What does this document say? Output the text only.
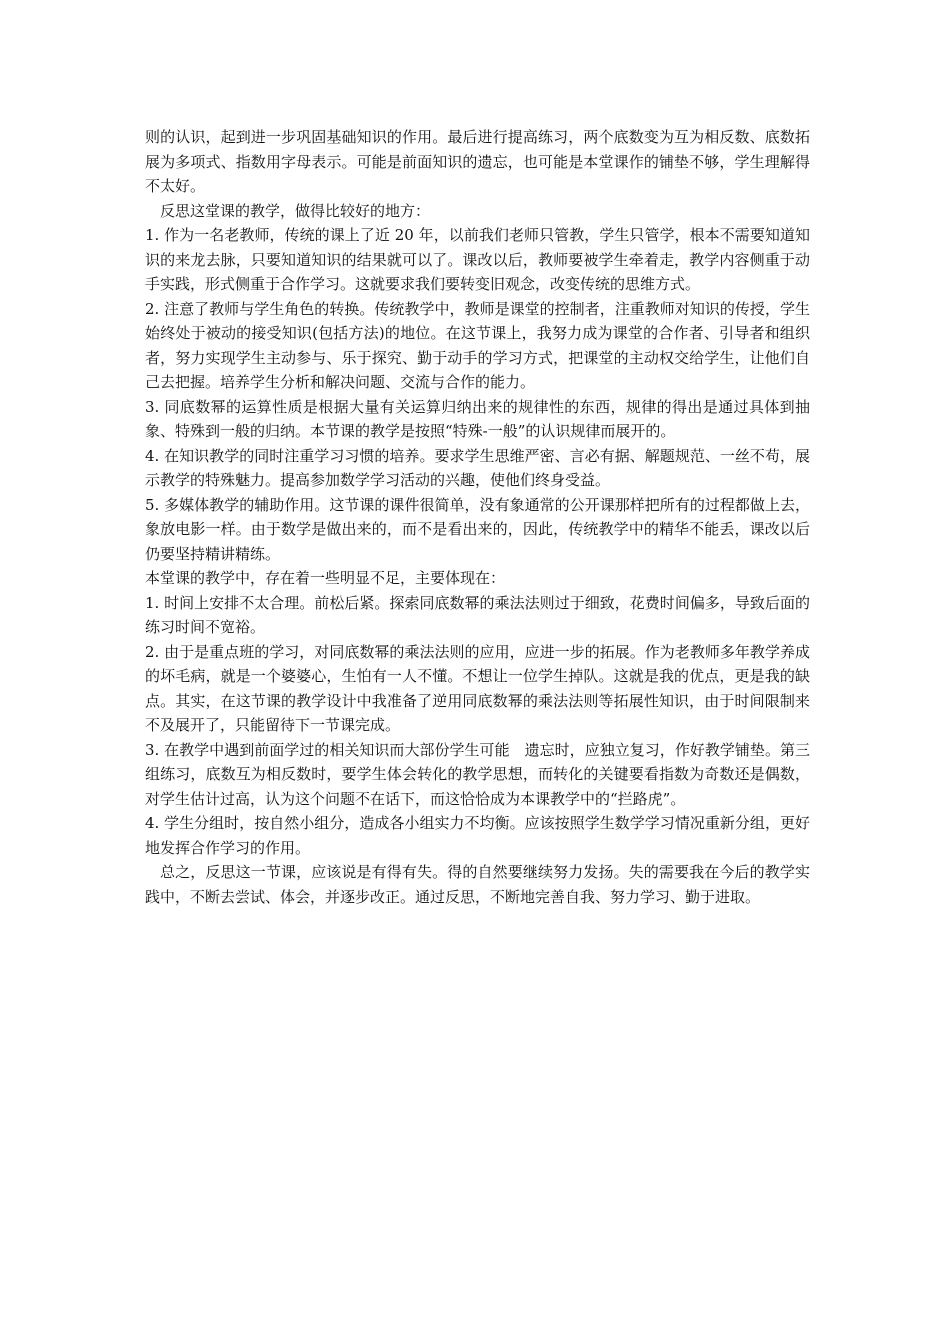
则的认识，起到进一步巩固基础知识的作用。最后进行提高练习，两个底数变为互为相反数、底数拓展为多项式、指数用字母表示。可能是前面知识的遗忘，也可能是本堂课作的铺垫不够，学生理解得不太好。

反思这堂课的教学，做得比较好的地方：

1. 作为一名老教师，传统的课上了近 20 年，以前我们老师只管教，学生只管学，根本不需要知道知识的来龙去脉，只要知道知识的结果就可以了。课改以后，教师要被学生牵着走，教学内容侧重于动手实践，形式侧重于合作学习。这就要求我们要转变旧观念，改变传统的思维方式。

2. 注意了教师与学生角色的转换。传统教学中，教师是课堂的控制者，注重教师对知识的传授，学生始终处于被动的接受知识(包括方法)的地位。在这节课上，我努力成为课堂的合作者、引导者和组织者，努力实现学生主动参与、乐于探究、勤于动手的学习方式，把课堂的主动权交给学生，让他们自己去把握。培养学生分析和解决问题、交流与合作的能力。

3. 同底数幂的运算性质是根据大量有关运算归纳出来的规律性的东西，规律的得出是通过具体到抽象、特殊到一般的归纳。本节课的教学是按照“特殊-一般”的认识规律而展开的。

4. 在知识教学的同时注重学习习惯的培养。要求学生思维严密、言必有据、解题规范、一丝不苟，展示教学的特殊魅力。提高参加数学学习活动的兴趣，使他们终身受益。

5. 多媒体教学的辅助作用。这节课的课件很简单，没有象通常的公开课那样把所有的过程都做上去，象放电影一样。由于数学是做出来的，而不是看出来的，因此，传统教学中的精华不能丢，课改以后仍要坚持精讲精练。

本堂课的教学中，存在着一些明显不足，主要体现在：

1. 时间上安排不太合理。前松后紧。探索同底数幂的乘法法则过于细致，花费时间偏多，导致后面的练习时间不宽裕。

2. 由于是重点班的学习，对同底数幂的乘法法则的应用，应进一步的拓展。作为老教师多年教学养成的坏毛病，就是一个婆婆心，生怕有一人不懂。不想让一位学生掉队。这就是我的优点，更是我的缺点。其实，在这节课的教学设计中我准备了逆用同底数幂的乘法法则等拓展性知识，由于时间限制来不及展开了，只能留待下一节课完成。

3. 在教学中遇到前面学过的相关知识而大部份学生可能　遗忘时，应独立复习，作好教学铺垫。第三组练习，底数互为相反数时，要学生体会转化的教学思想，而转化的关键要看指数为奇数还是偶数，对学生估计过高，认为这个问题不在话下，而这恰恰成为本课教学中的“拦路虎”。

4. 学生分组时，按自然小组分，造成各小组实力不均衡。应该按照学生数学学习情况重新分组，更好地发挥合作学习的作用。

总之，反思这一节课，应该说是有得有失。得的自然要继续努力发扬。失的需要我在今后的教学实践中，不断去尝试、体会，并逐步改正。通过反思，不断地完善自我、努力学习、勤于进取。
